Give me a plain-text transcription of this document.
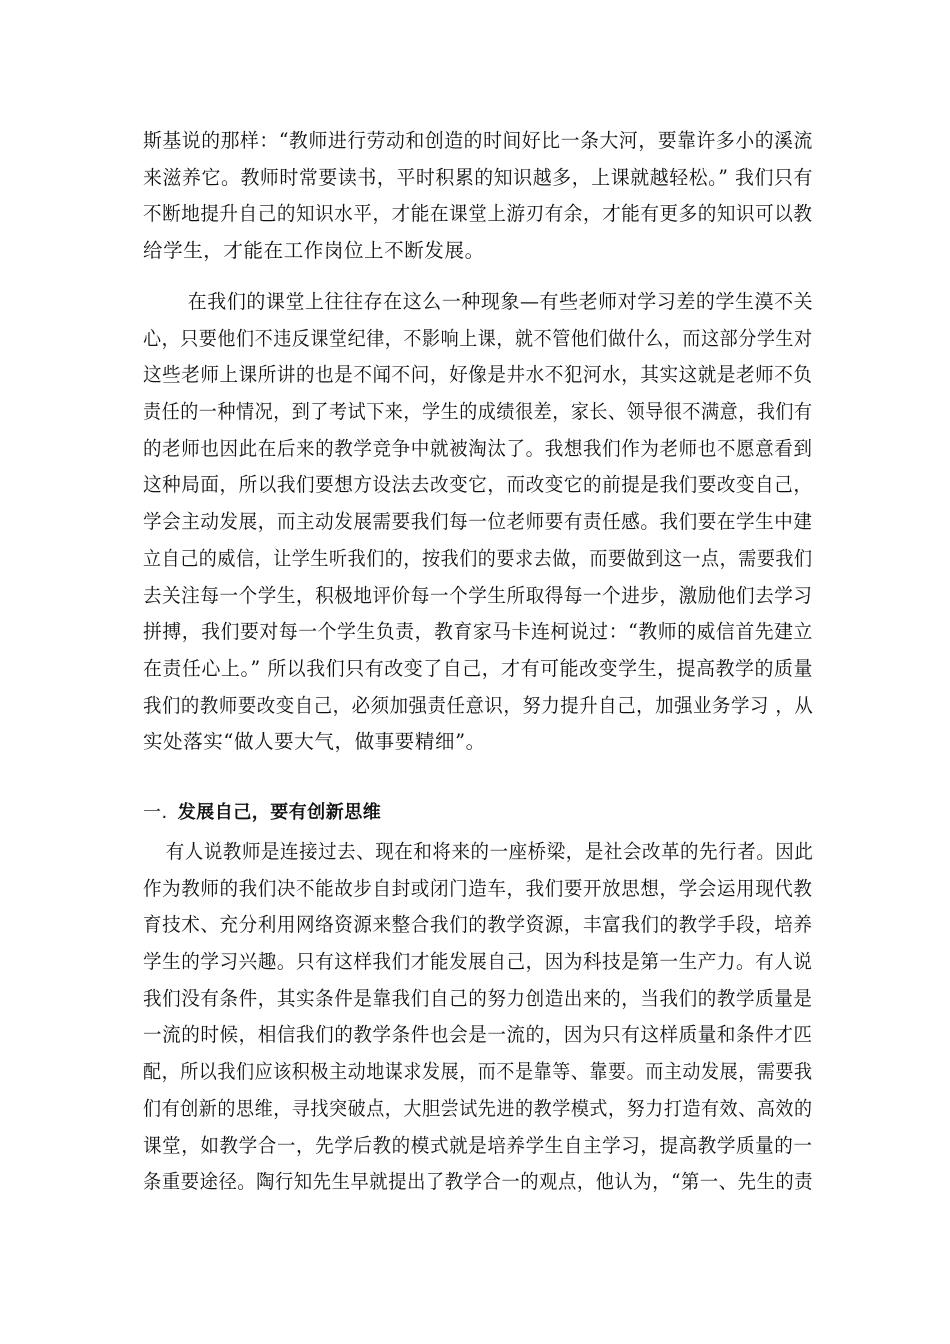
斯基说的那样：“教师进行劳动和创造的时间好比一条大河，要靠许多小的溪流
来滋养它。教师时常要读书，平时积累的知识越多，上课就越轻松。” 我们只有
不断地提升自己的知识水平，才能在课堂上游刃有余，才能有更多的知识可以教
给学生，才能在工作岗位上不断发展。
在我们的课堂上往往存在这么一种现象—有些老师对学习差的学生漠不关
心，只要他们不违反课堂纪律，不影响上课，就不管他们做什么，而这部分学生对
这些老师上课所讲的也是不闻不问，好像是井水不犯河水，其实这就是老师不负
责任的一种情况，到了考试下来，学生的成绩很差，家长、领导很不满意，我们有
的老师也因此在后来的教学竞争中就被淘汰了。我想我们作为老师也不愿意看到
这种局面，所以我们要想方设法去改变它，而改变它的前提是我们要改变自己，
学会主动发展，而主动发展需要我们每一位老师要有责任感。我们要在学生中建
立自己的威信，让学生听我们的，按我们的要求去做，而要做到这一点，需要我们
去关注每一个学生，积极地评价每一个学生所取得每一个进步，激励他们去学习
拼搏，我们要对每一个学生负责，教育家马卡连柯说过：“教师的威信首先建立
在责任心上。” 所以我们只有改变了自己，才有可能改变学生，提高教学的质量
我们的教师要改变自己，必须加强责任意识，努力提升自己，加强业务学习 ，从
实处落实“做人要大气，做事要精细”。
一. 发展自己，要有创新思维
有人说教师是连接过去、现在和将来的一座桥梁，是社会改革的先行者。因此
作为教师的我们决不能故步自封或闭门造车，我们要开放思想，学会运用现代教
育技术、充分利用网络资源来整合我们的教学资源，丰富我们的教学手段，培养
学生的学习兴趣。只有这样我们才能发展自己，因为科技是第一生产力。有人说
我们没有条件，其实条件是靠我们自己的努力创造出来的，当我们的教学质量是
一流的时候，相信我们的教学条件也会是一流的，因为只有这样质量和条件才匹
配，所以我们应该积极主动地谋求发展，而不是靠等、靠要。而主动发展，需要我
们有创新的思维，寻找突破点，大胆尝试先进的教学模式，努力打造有效、高效的
课堂，如教学合一，先学后教的模式就是培养学生自主学习，提高教学质量的一
条重要途径。陶行知先生早就提出了教学合一的观点，他认为，“第一、先生的责
